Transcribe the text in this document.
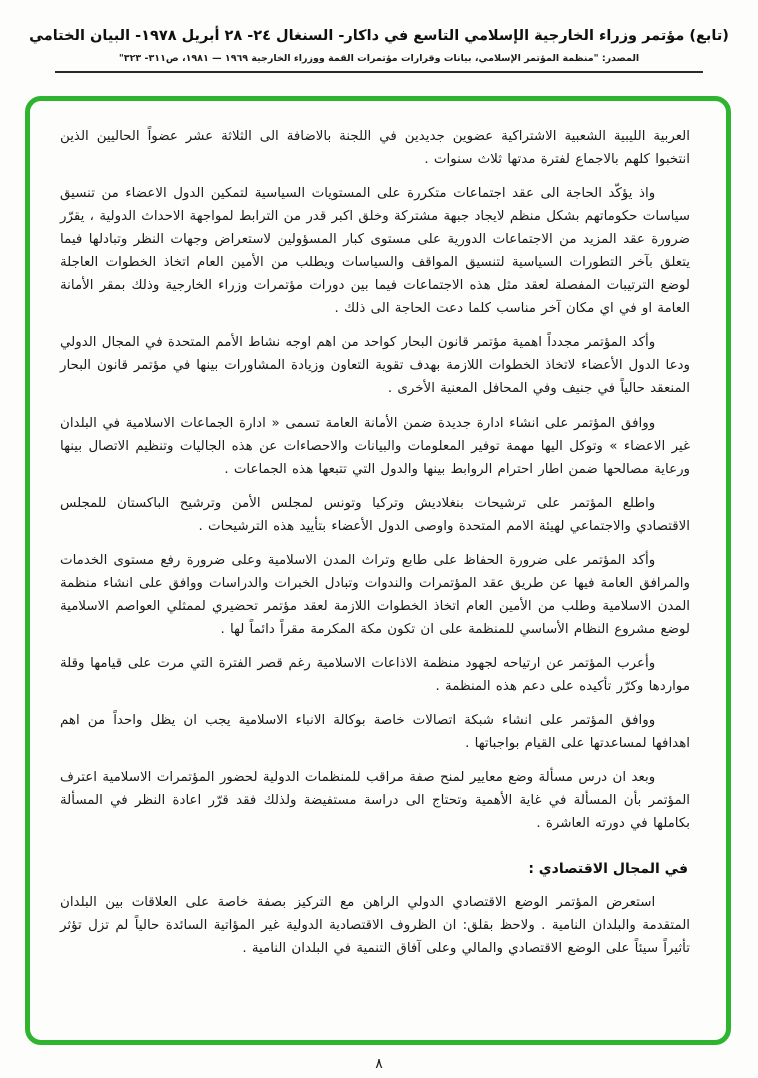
(تابع) مؤتمر وزراء الخارجية الإسلامي التاسع في داكار- السنغال ٢٤- ٢٨ أبريل ١٩٧٨- البيان الختامي
المصدر: "منظمة المؤتمر الإسلامي، بيانات وقرارات مؤتمرات القمة ووزراء الخارجية ١٩٦٩ — ١٩٨١، ص٣١١- ٣٢٣"

العربية الليبية الشعبية الاشتراكية عضوين جديدين في اللجنة بالاضافة الى الثلاثة عشر عضواً الحاليين الذين انتخبوا كلهم بالاجماع لفترة مدتها ثلاث سنوات .

واذ يؤكّد الحاجة الى عقد اجتماعات متكررة على المستويات السياسية لتمكين الدول الاعضاء من تنسيق سياسات حكوماتهم بشكل منظم لايجاد جبهة مشتركة وخلق اكبر قدر من الترابط لمواجهة الاحداث الدولية ، يقرّر ضرورة عقد المزيد من الاجتماعات الدورية على مستوى كبار المسؤولين لاستعراض وجهات النظر وتبادلها فيما يتعلق بآخر التطورات السياسية لتنسيق المواقف والسياسات ويطلب من الأمين العام اتخاذ الخطوات العاجلة لوضع الترتيبات المفصلة لعقد مثل هذه الاجتماعات فيما بين دورات مؤتمرات وزراء الخارجية وذلك بمقر الأمانة العامة او في اي مكان آخر مناسب كلما دعت الحاجة الى ذلك .

وأكد المؤتمر مجدداً اهمية مؤتمر قانون البحار كواحد من اهم اوجه نشاط الأمم المتحدة في المجال الدولي ودعا الدول الأعضاء لاتخاذ الخطوات اللازمة بهدف تقوية التعاون وزيادة المشاورات بينها في مؤتمر قانون البحار المنعقد حالياً في جنيف وفي المحافل المعنية الأخرى .

ووافق المؤتمر على انشاء ادارة جديدة ضمن الأمانة العامة تسمى « ادارة الجماعات الاسلامية في البلدان غير الاعضاء » وتوكل اليها مهمة توفير المعلومات والبيانات والاحصاءات عن هذه الجاليات وتنظيم الاتصال بينها ورعاية مصالحها ضمن اطار احترام الروابط بينها والدول التي تتبعها هذه الجماعات .

واطلع المؤتمر على ترشيحات بنغلاديش وتركيا وتونس لمجلس الأمن وترشيح الباكستان للمجلس الاقتصادي والاجتماعي لهيئة الامم المتحدة واوصى الدول الأعضاء بتأييد هذه الترشيحات .

وأكد المؤتمر على ضرورة الحفاظ على طابع وتراث المدن الاسلامية وعلى ضرورة رفع مستوى الخدمات والمرافق العامة فيها عن طريق عقد المؤتمرات والندوات وتبادل الخبرات والدراسات ووافق على انشاء منظمة المدن الاسلامية وطلب من الأمين العام اتخاذ الخطوات اللازمة لعقد مؤتمر تحضيري لممثلي العواصم الاسلامية لوضع مشروع النظام الأساسي للمنظمة على ان تكون مكة المكرمة مقراً دائماً لها .

وأعرب المؤتمر عن ارتياحه لجهود منظمة الاذاعات الاسلامية رغم قصر الفترة التي مرت على قيامها وقلة مواردها وكرّر تأكيده على دعم هذه المنظمة .

ووافق المؤتمر على انشاء شبكة اتصالات خاصة بوكالة الانباء الاسلامية يجب ان يظل واحداً من اهم اهدافها لمساعدتها على القيام بواجباتها .

وبعد ان درس مسألة وضع معايير لمنح صفة مراقب للمنظمات الدولية لحضور المؤتمرات الاسلامية اعترف المؤتمر بأن المسألة في غاية الأهمية وتحتاج الى دراسة مستفيضة ولذلك فقد قرّر اعادة النظر في المسألة بكاملها في دورته العاشرة .

في المجال الاقتصادي :

استعرض المؤتمر الوضع الاقتصادي الدولي الراهن مع التركيز بصفة خاصة على العلاقات بين البلدان المتقدمة والبلدان النامية . ولاحظ بقلق: ان الظروف الاقتصادية الدولية غير المؤاتية السائدة حالياً لم تزل تؤثر تأثيراً سيئاً على الوضع الاقتصادي والمالي وعلى آفاق التنمية في البلدان النامية .

٨
